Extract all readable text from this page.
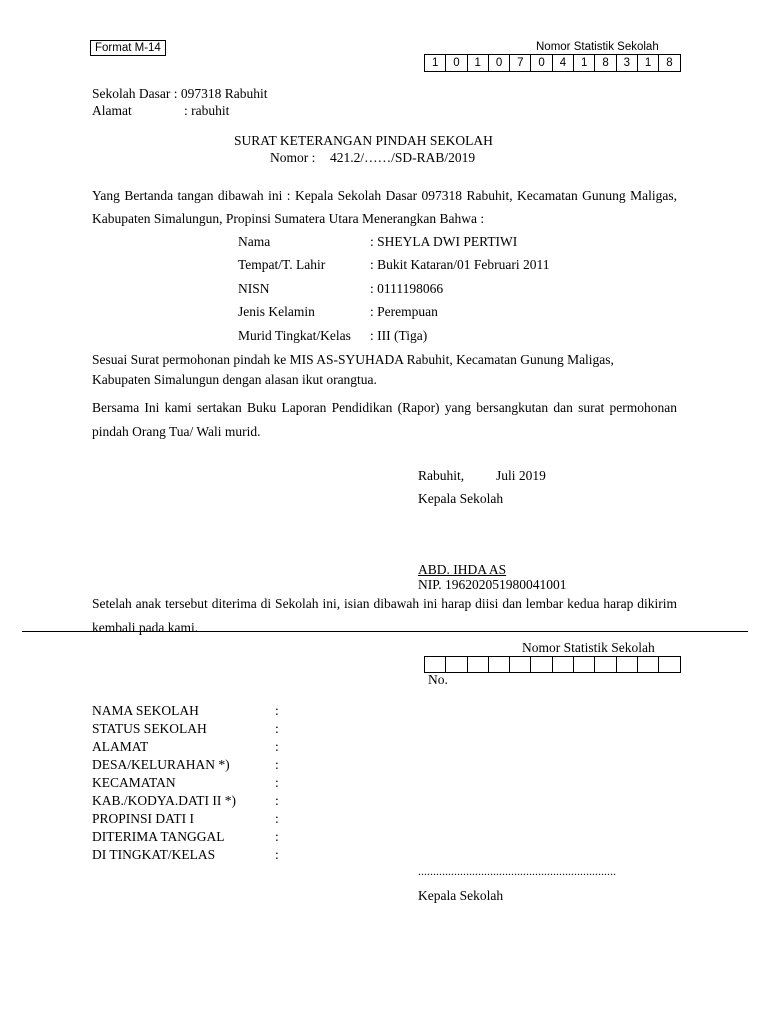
Format M-14	Nomor Statistik Sekolah
1	0	1	0	7	0	4	1	8	3	1	8
Sekolah Dasar : 097318 Rabuhit
Alamat	: rabuhit
SURAT KETERANGAN PINDAH SEKOLAH
Nomor : 421.2/……/SD-RAB/2019
Yang Bertanda tangan dibawah ini : Kepala Sekolah Dasar 097318 Rabuhit, Kecamatan Gunung Maligas, Kabupaten Simalungun, Propinsi Sumatera Utara Menerangkan Bahwa :
Nama	: SHEYLA DWI PERTIWI
Tempat/T. Lahir	: Bukit Kataran/01 Februari 2011
NISN	: 0111198066
Jenis Kelamin	: Perempuan
Murid Tingkat/Kelas : III (Tiga)
Sesuai Surat permohonan pindah ke MIS AS-SYUHADA Rabuhit, Kecamatan Gunung Maligas, Kabupaten Simalungun dengan alasan ikut orangtua.
Bersama Ini kami sertakan Buku Laporan Pendidikan (Rapor) yang bersangkutan dan surat permohonan pindah Orang Tua/ Wali murid.
Rabuhit, Juli 2019
Kepala Sekolah
ABD. IHDA AS
NIP. 196202051980041001
Setelah anak tersebut diterima di Sekolah ini, isian dibawah ini harap diisi dan lembar kedua harap dikirim kembali pada kami.
Nomor Statistik Sekolah
No.
NAMA SEKOLAH	:
STATUS SEKOLAH	:
ALAMAT	:
DESA/KELURAHAN *)	:
KECAMATAN	:
KAB./KODYA.DATI II *)	:
PROPINSI DATI I	:
DITERIMA TANGGAL	:
DI TINGKAT/KELAS	:
..................................................................
Kepala Sekolah
